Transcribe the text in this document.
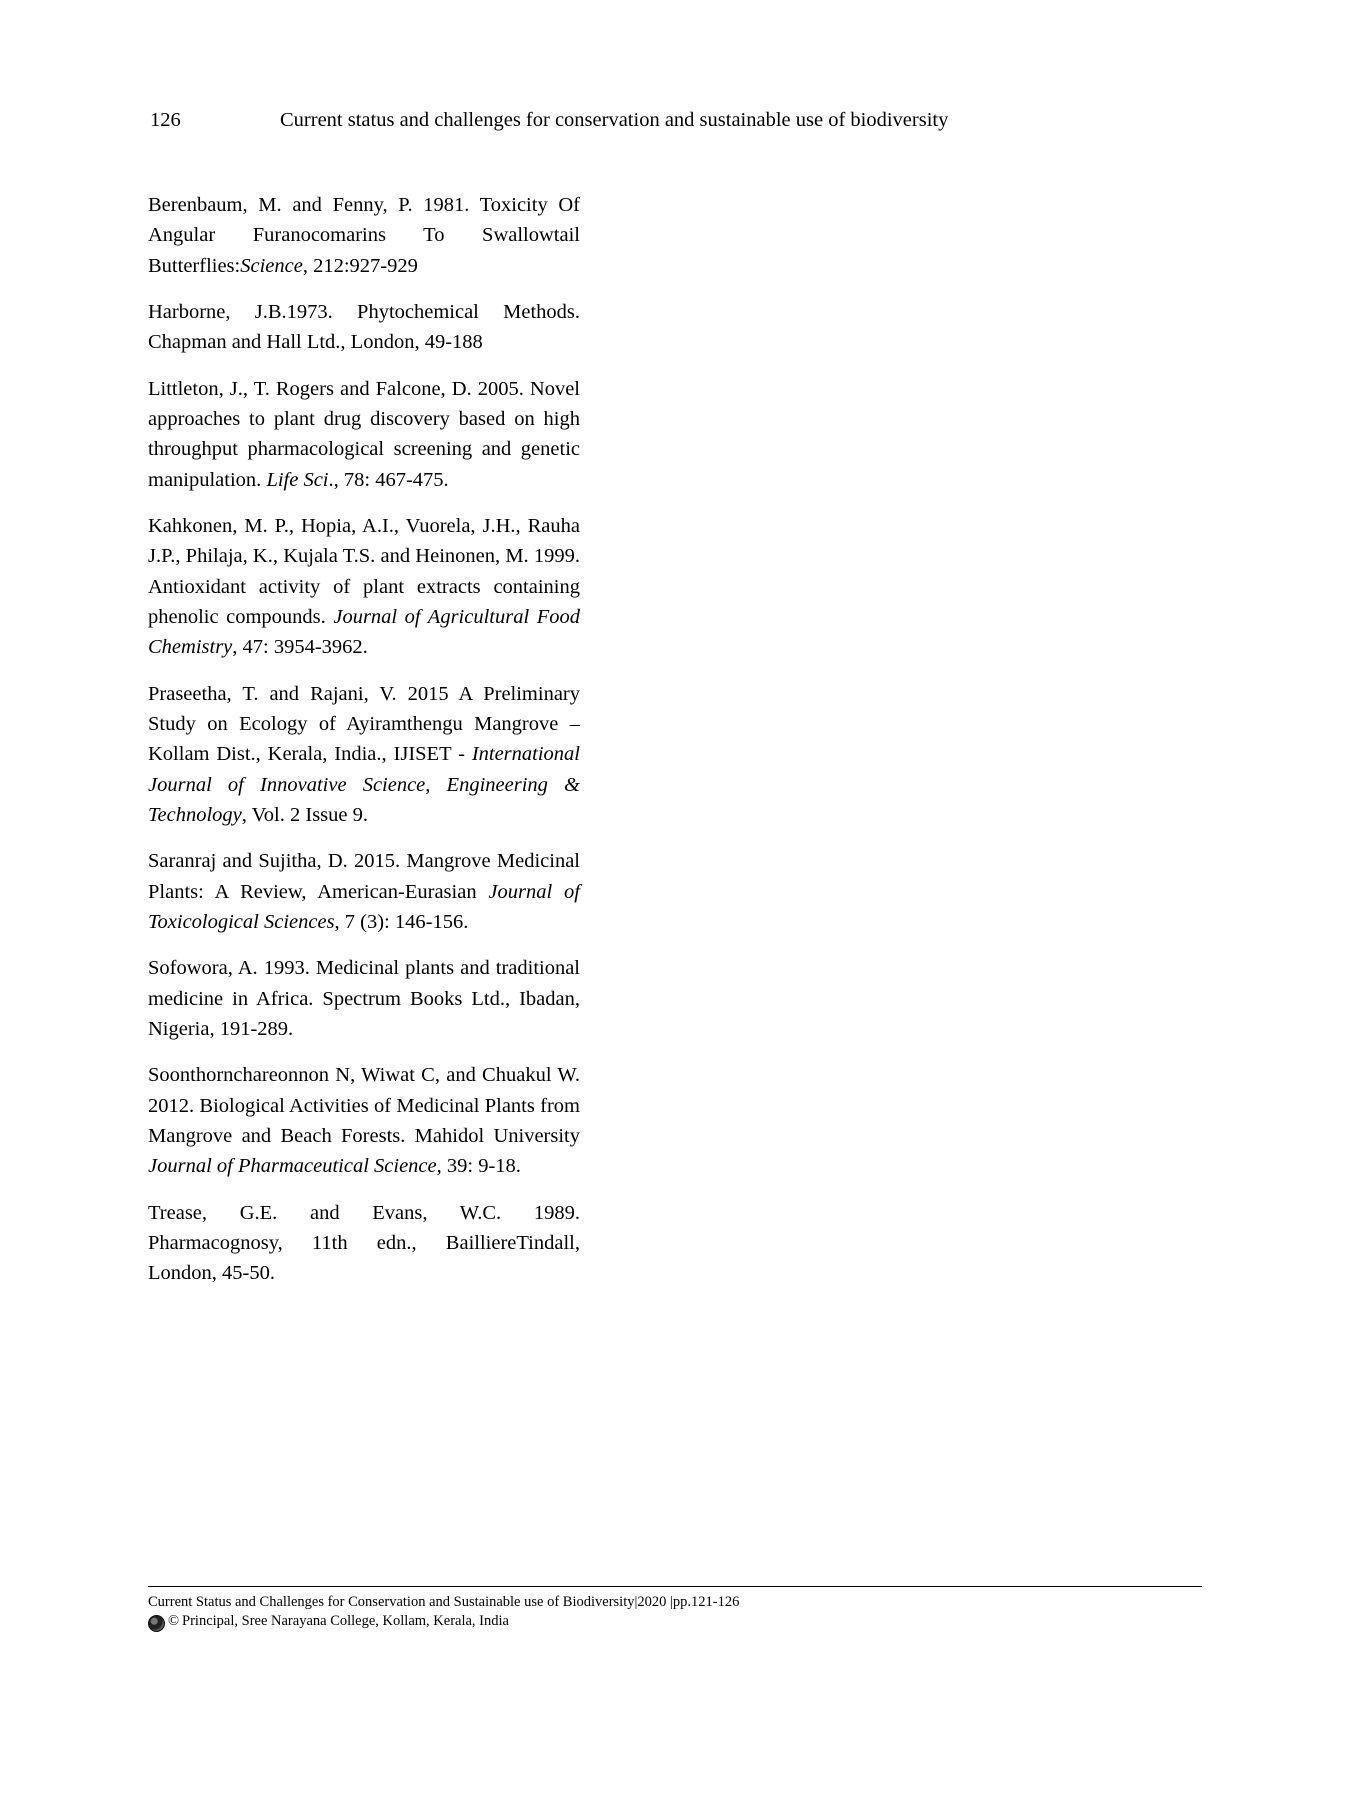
126	Current status and challenges for conservation and sustainable use of biodiversity

Berenbaum, M. and Fenny, P. 1981. Toxicity Of Angular Furanocomarins To Swallowtail Butterflies:Science, 212:927-929

Harborne, J.B.1973. Phytochemical Methods. Chapman and Hall Ltd., London, 49-188

Littleton, J., T. Rogers and Falcone, D. 2005. Novel approaches to plant drug discovery based on high throughput pharmacological screening and genetic manipulation. Life Sci., 78: 467-475.

Kahkonen, M. P., Hopia, A.I., Vuorela, J.H., Rauha J.P., Philaja, K., Kujala T.S. and Heinonen, M. 1999. Antioxidant activity of plant extracts containing phenolic compounds. Journal of Agricultural Food Chemistry, 47: 3954-3962.

Praseetha, T. and Rajani, V. 2015 A Preliminary Study on Ecology of Ayiramthengu Mangrove – Kollam Dist., Kerala, India., IJISET - International Journal of Innovative Science, Engineering & Technology, Vol. 2 Issue 9.

Saranraj and Sujitha, D. 2015. Mangrove Medicinal Plants: A Review, American-Eurasian Journal of Toxicological Sciences, 7 (3): 146-156.

Sofowora, A. 1993. Medicinal plants and traditional medicine in Africa. Spectrum Books Ltd., Ibadan, Nigeria, 191-289.

Soonthornchareonnon N, Wiwat C, and Chuakul W. 2012. Biological Activities of Medicinal Plants from Mangrove and Beach Forests. Mahidol University Journal of Pharmaceutical Science, 39: 9-18.

Trease, G.E. and Evans, W.C. 1989. Pharmacognosy, 11th edn., BailliereTindall, London, 45-50.

Current Status and Challenges for Conservation and Sustainable use of Biodiversity|2020 |pp.121-126
© Principal, Sree Narayana College, Kollam, Kerala, India
